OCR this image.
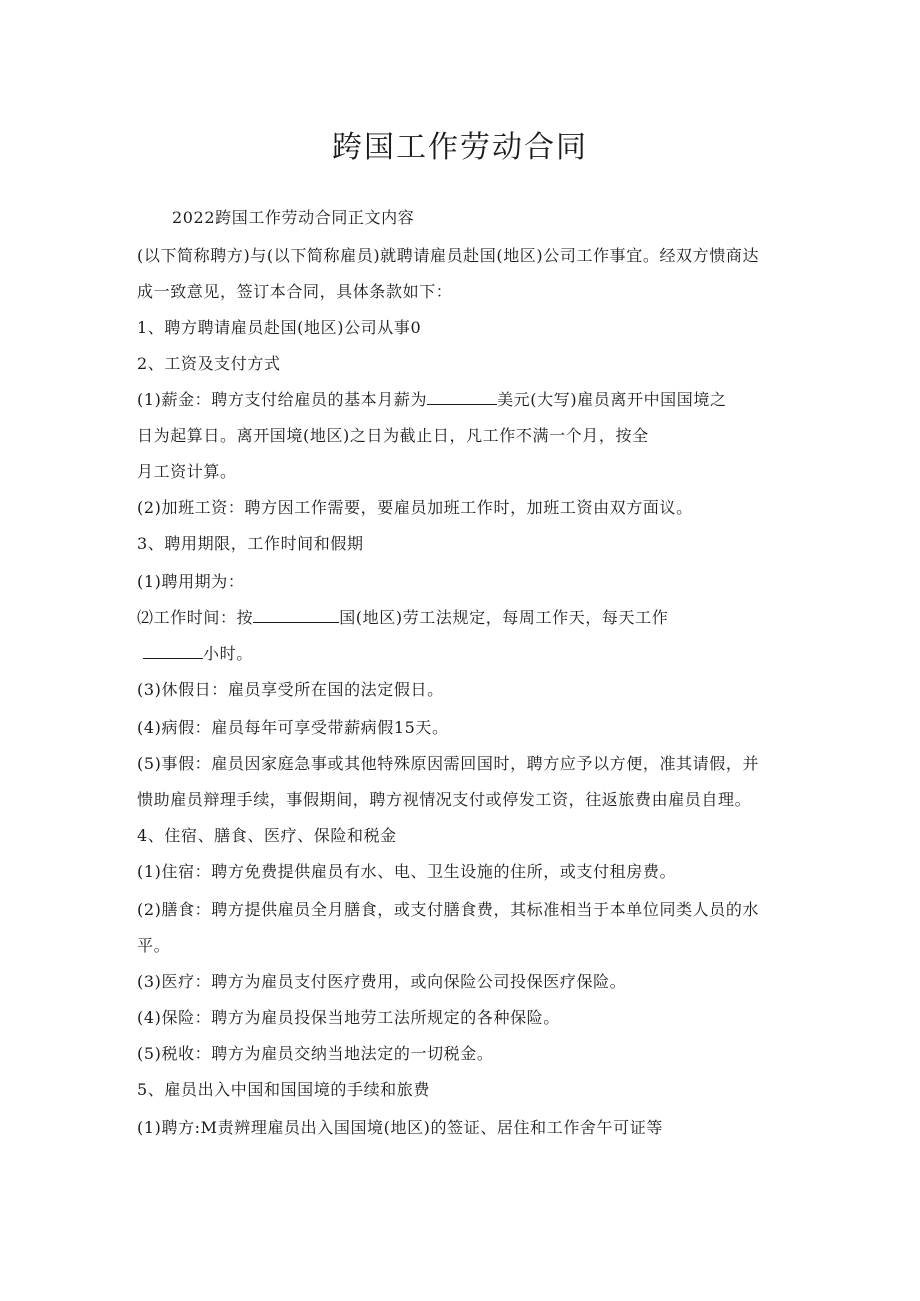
跨国工作劳动合同

2022跨国工作劳动合同正文内容

(以下简称聘方)与(以下简称雇员)就聘请雇员赴国(地区)公司工作事宜。经双方愦商达

成一致意见，签订本合同，具体条款如下：

1、聘方聘请雇员赴国(地区)公司从事0

2、工资及支付方式

(1)薪金：聘方支付给雇员的基本月薪为	美元(大写)雇员离开中国国境之

日为起算日。离开国境(地区)之日为截止日，凡工作不满一个月，按全

月工资计算。

(2)加班工资：聘方因工作需要，要雇员加班工作时，加班工资由双方面议。

3、聘用期限，工作时间和假期

(1)聘用期为：

⑵工作时间：按	国(地区)劳工法规定，每周工作天，每天工作

小时。

(3)休假日：雇员享受所在国的法定假日。

(4)病假：雇员每年可享受带薪病假15天。

(5)事假：雇员因家庭急事或其他特殊原因需回国时，聘方应予以方便，准其请假，并

愦助雇员辩理手续，事假期间，聘方视情况支付或停发工资，往返旅费由雇员自理。

4、住宿、膳食、医疗、保险和税金

(1)住宿：聘方免费提供雇员有水、电、卫生设施的住所，或支付租房费。

(2)膳食：聘方提供雇员全月膳食，或支付膳食费，其标准相当于本单位同类人员的水

平。

(3)医疗：聘方为雇员支付医疗费用，或向保险公司投保医疗保险。

(4)保险：聘方为雇员投保当地劳工法所规定的各种保险。

(5)税收：聘方为雇员交纳当地法定的一切税金。

5、雇员出入中国和国国境的手续和旅费

(1)聘方:M责辨理雇员出入国国境(地区)的签证、居住和工作舍午可证等
